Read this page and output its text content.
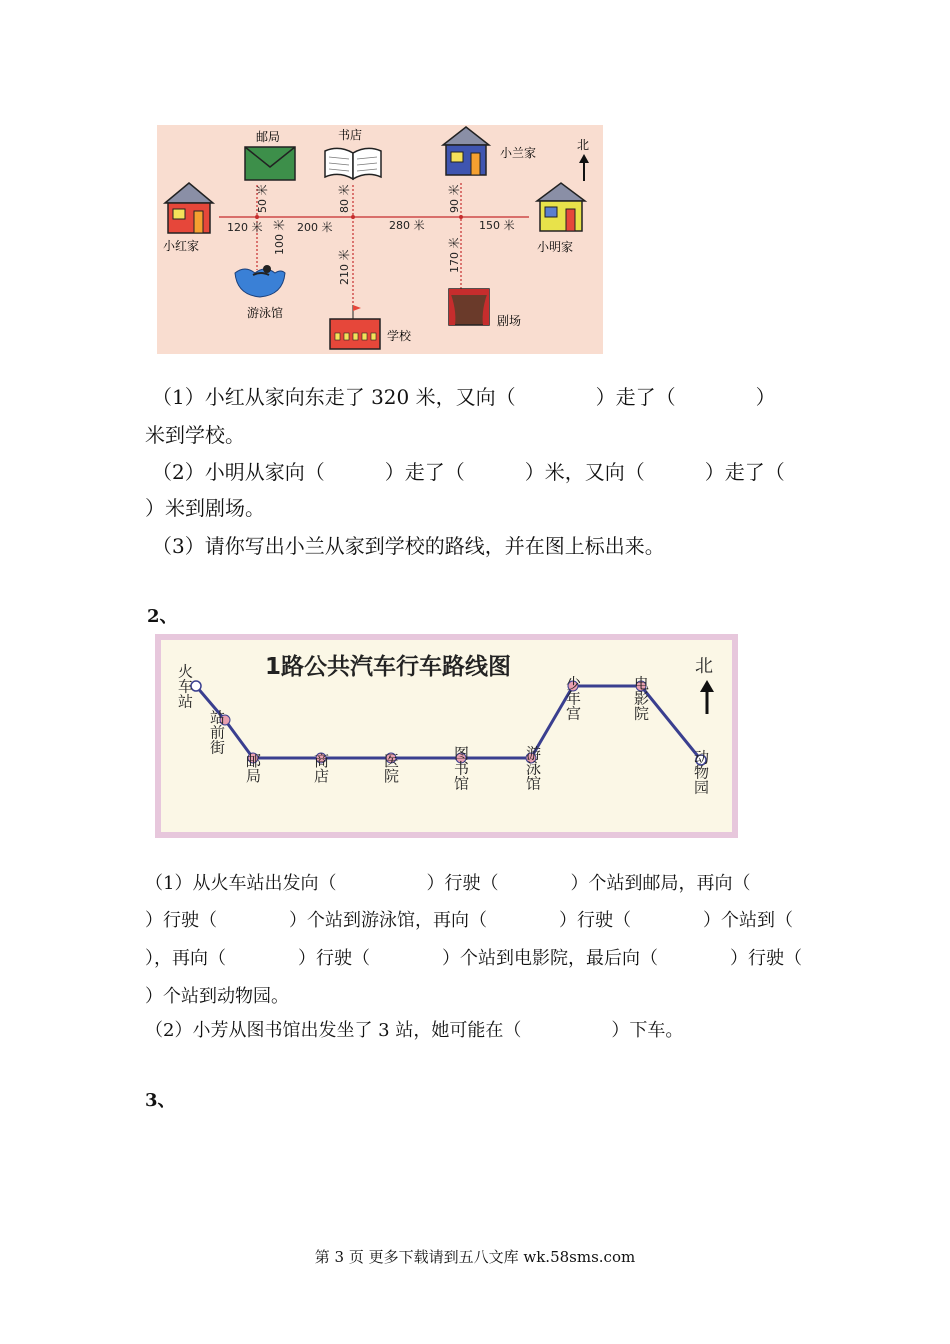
邮局	书店
小兰家
北
小红家	小明家
游泳馆
学校
剧场
120 米	200 米	280 米	150 米
50 米
100 米
80 米
210 米
90 米
170 米
（1）小红从家向东走了 320 米，又向（　　　　）走了（　　　　）
米到学校。
（2）小明从家向（　　　）走了（　　　）米，又向（　　　）走了（
）米到剧场。
（3）请你写出小兰从家到学校的路线，并在图上标出来。
2、
1路公共汽车行车路线图	北
火车站
站前街
邮局	商店	医院	图书馆	游泳馆
少年宫	电影院
动物园
（1）从火车站出发向（　　　　　）行驶（　　　　）个站到邮局，再向（
）行驶（　　　　）个站到游泳馆，再向（　　　　）行驶（　　　　）个站到（
），再向（　　　　）行驶（　　　　）个站到电影院，最后向（　　　　）行驶（
）个站到动物园。
（2）小芳从图书馆出发坐了 3 站，她可能在（　　　　　）下车。
3、
第 3 页 更多下载请到五八文库 wk.58sms.com
